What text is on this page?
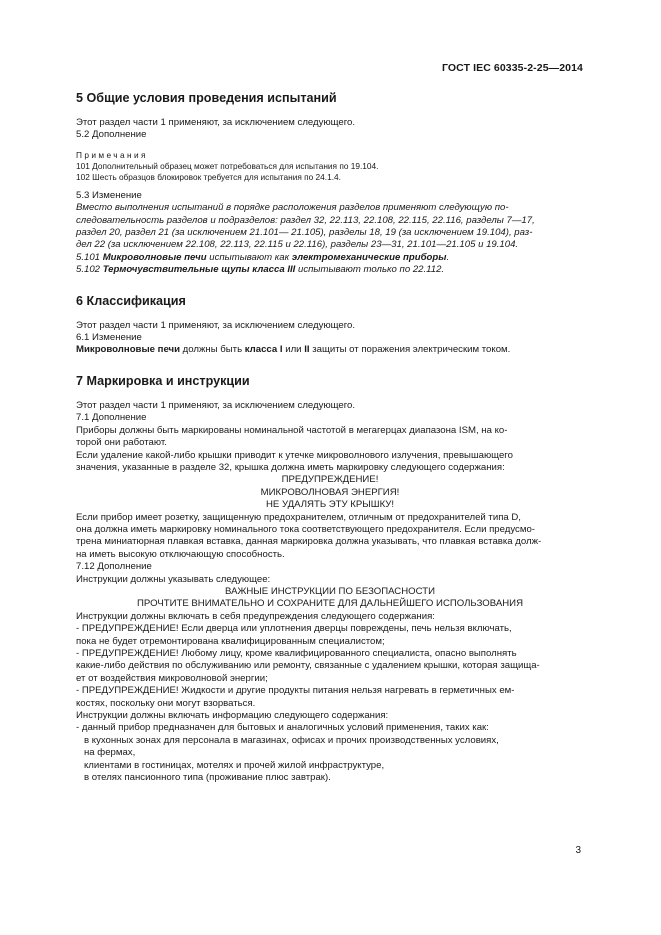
ГОСТ IEC 60335-2-25—2014
5 Общие условия проведения испытаний
Этот раздел части 1 применяют, за исключением следующего.
5.2 Дополнение
Примечания
101 Дополнительный образец может потребоваться для испытания по 19.104.
102 Шесть образцов блокировок требуется для испытания по 24.1.4.
5.3 Изменение
Вместо выполнения испытаний в порядке расположения разделов применяют следующую по-
следовательность разделов и подразделов: раздел 32, 22.113, 22.108, 22.115, 22.116, разделы 7—17,
раздел 20, раздел 21 (за исключением 21.101— 21.105), разделы 18, 19 (за исключением 19.104), раз-
дел 22 (за исключением 22.108, 22.113, 22.115 и 22.116), разделы 23—31, 21.101—21.105 и 19.104.
5.101 Микроволновые печи испытывают как электромеханические приборы.
5.102 Термочувствительные щупы класса III испытывают только по 22.112.
6 Классификация
Этот раздел части 1 применяют, за исключением следующего.
6.1 Изменение
Микроволновые печи должны быть класса I или II защиты от поражения электрическим током.
7 Маркировка и инструкции
Этот раздел части 1 применяют, за исключением следующего.
7.1 Дополнение
Приборы должны быть маркированы номинальной частотой в мегагерцах диапазона ISM, на ко-
торой они работают.
Если удаление какой-либо крышки приводит к утечке микроволнового излучения, превышающего
значения, указанные в разделе 32, крышка должна иметь маркировку следующего содержания:
ПРЕДУПРЕЖДЕНИЕ!
МИКРОВОЛНОВАЯ ЭНЕРГИЯ!
НЕ УДАЛЯТЬ ЭТУ КРЫШКУ!
Если прибор имеет розетку, защищенную предохранителем, отличным от предохранителей типа D,
она должна иметь маркировку номинального тока соответствующего предохранителя. Если предусмо-
трена миниатюрная плавкая вставка, данная маркировка должна указывать, что плавкая вставка долж-
на иметь высокую отключающую способность.
7.12 Дополнение
Инструкции должны указывать следующее:
ВАЖНЫЕ ИНСТРУКЦИИ ПО БЕЗОПАСНОСТИ
ПРОЧТИТЕ ВНИМАТЕЛЬНО И СОХРАНИТЕ ДЛЯ ДАЛЬНЕЙШЕГО ИСПОЛЬЗОВАНИЯ
Инструкции должны включать в себя предупреждения следующего содержания:
- ПРЕДУПРЕЖДЕНИЕ! Если дверца или уплотнения дверцы повреждены, печь нельзя включать,
пока не будет отремонтирована квалифицированным специалистом;
- ПРЕДУПРЕЖДЕНИЕ! Любому лицу, кроме квалифицированного специалиста, опасно выполнять
какие-либо действия по обслуживанию или ремонту, связанные с удалением крышки, которая защища-
ет от воздействия микроволновой энергии;
- ПРЕДУПРЕЖДЕНИЕ! Жидкости и другие продукты питания нельзя нагревать в герметичных ем-
костях, поскольку они могут взорваться.
Инструкции должны включать информацию следующего содержания:
- данный прибор предназначен для бытовых и аналогичных условий применения, таких как:
в кухонных зонах для персонала в магазинах, офисах и прочих производственных условиях,
на фермах,
клиентами в гостиницах, мотелях и прочей жилой инфраструктуре,
в отелях пансионного типа (проживание плюс завтрак).
3
